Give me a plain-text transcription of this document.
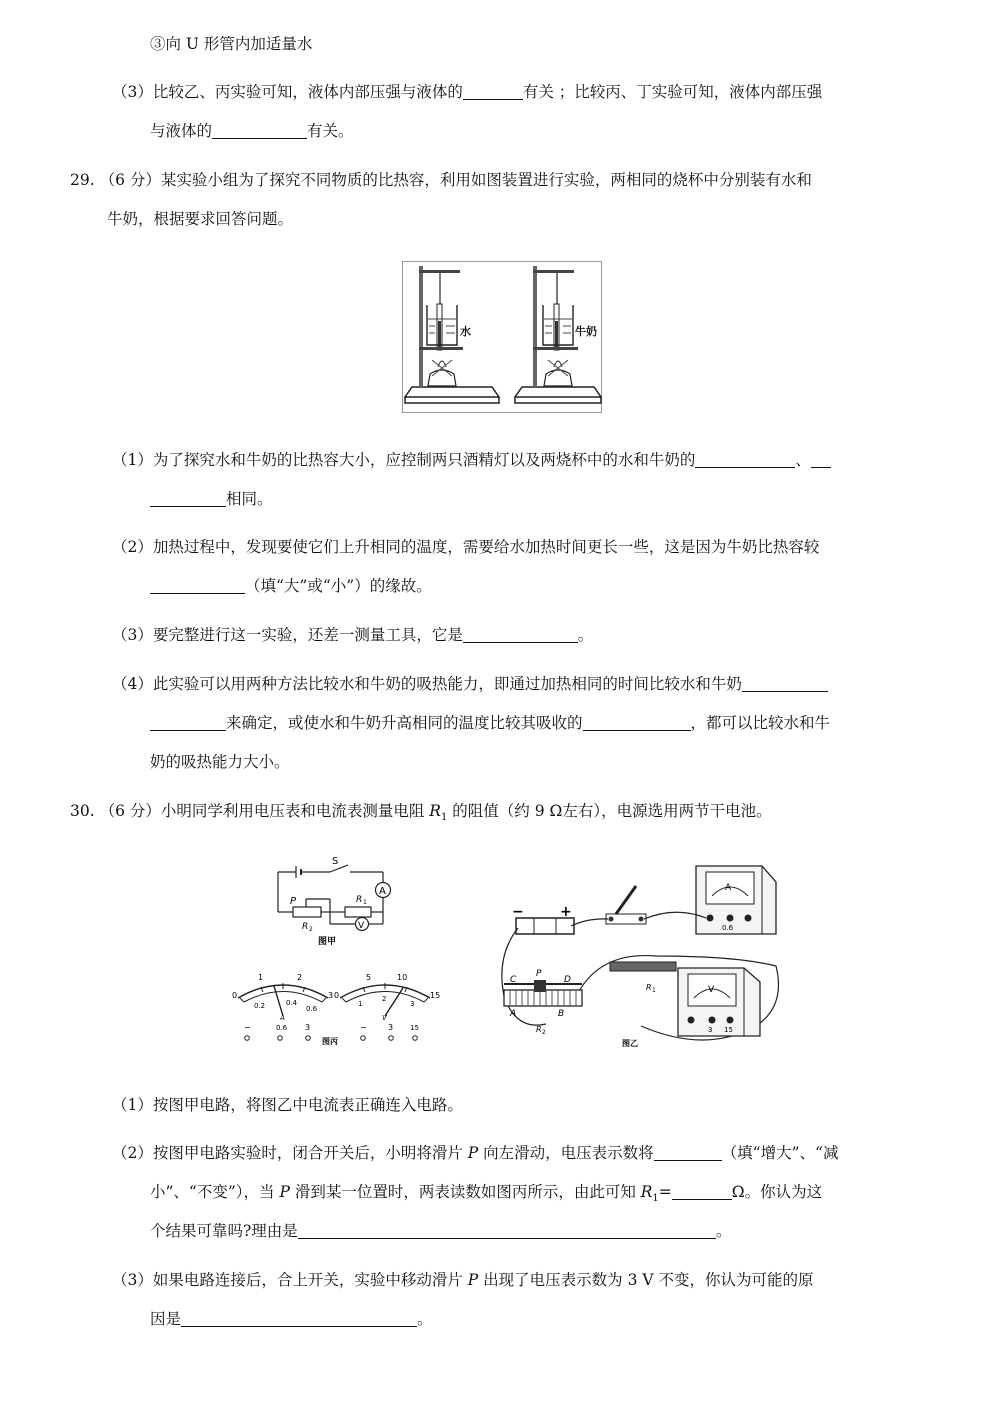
③向 U 形管内加适量水
（3）比较乙、丙实验可知，液体内部压强与液体的	有关 ；比较丙、丁实验可知，液体内部压强
与液体的	有关。
29. （6 分）某实验小组为了探究不同物质的比热容，利用如图装置进行实验，两相同的烧杯中分别装有水和
牛奶，根据要求回答问题。
水	牛奶
（1）为了探究水和牛奶的比热容大小，应控制两只酒精灯以及两烧杯中的水和牛奶的	、
相同。
（2）加热过程中，发现要使它们上升相同的温度，需要给水加热时间更长一些，这是因为牛奶比热容较
（填“大”或“小”）的缘故。
（3）要完整进行这一实验，还差一测量工具，它是	。
（4）此实验可以用两种方法比较水和牛奶的吸热能力，即通过加热相同的时间比较水和牛奶
来确定，或使水和牛奶升高相同的温度比较其吸收的	，都可以比较水和牛
奶的吸热能力大小。
30. （6 分）小明同学利用电压表和电流表测量电阻 $R_1$ 的阻值（约 9 Ω左右），电源选用两节干电池。
A
V
S
P	R 1
R 2
图甲
0
1	2
3
0.2	0.4
0.6
A
−	0.6 3
0
5	10
15
1
2
3
V
−	3 15
图丙
−	+
A
0.6
C
P
D
A	B
R 2
R 1	V
3 15
图乙
（1）按图甲电路，将图乙中电流表正确连入电路。
（2）按图甲电路实验时，闭合开关后，小明将滑片 P 向左滑动，电压表示数将	（填“增大”、“减
小”、“不变”），当 P 滑到某一位置时，两表读数如图丙所示，由此可知 $R_1=$	Ω。你认为这
个结果可靠吗?理由是	。
（3）如果电路连接后，合上开关，实验中移动滑片 P 出现了电压表示数为 3 V 不变，你认为可能的原
因是	。
